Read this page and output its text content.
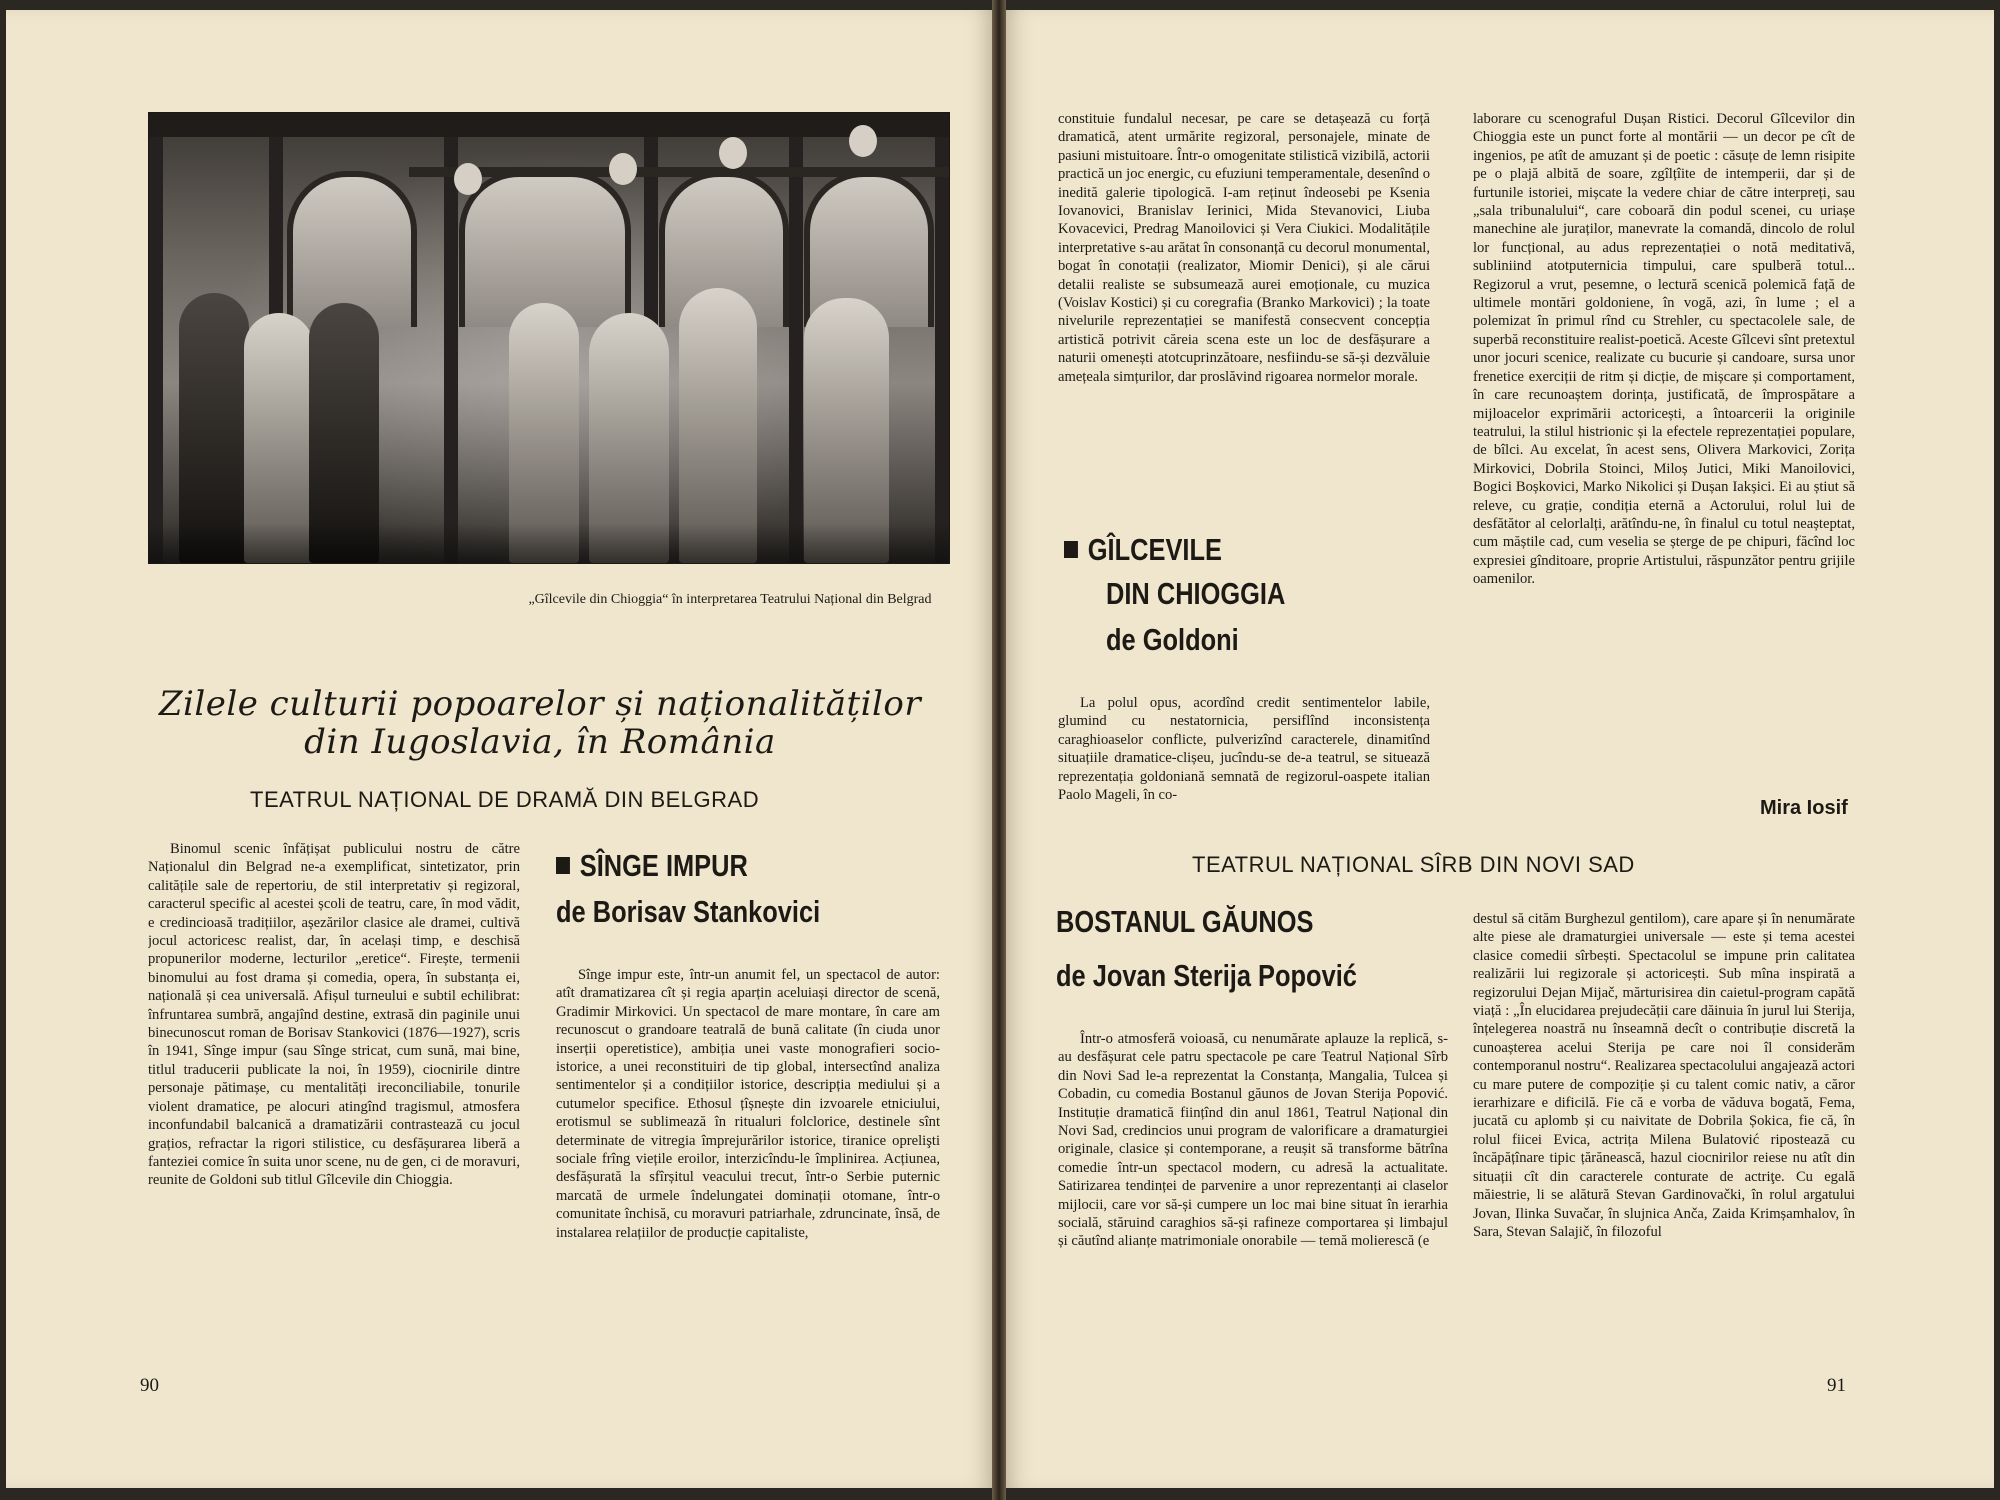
„Gîlcevile din Chioggia“ în interpretarea Teatrului Național din Belgrad
Zilele culturii popoarelor și naționalităților
din Iugoslavia, în România
TEATRUL NAȚIONAL DE DRAMĂ DIN BELGRAD

Binomul scenic înfățișat publicului nostru de către Naționalul din Belgrad ne-a exemplificat, sintetizator, prin calitățile sale de repertoriu, de stil interpretativ și regizoral, caracterul specific al acestei școli de teatru, care, în mod vădit, e credincioasă tradițiilor, așezărilor clasice ale dramei, cultivă jocul actoricesc realist, dar, în același timp, e deschisă propunerilor moderne, lecturilor „eretice“. Firește, termenii binomului au fost drama și comedia, opera, în substanța ei, națională și cea universală. Afișul turneului e subtil echilibrat: înfruntarea sumbră, angajînd destine, extrasă din paginile unui binecunoscut roman de Borisav Stankovici (1876—1927), scris în 1941, Sînge impur (sau Sînge stricat, cum sună, mai bine, titlul traducerii publicate la noi, în 1959), ciocnirile dintre personaje pătimașe, cu mentalități ireconciliabile, tonurile violent dramatice, pe alocuri atingînd tragismul, atmosfera inconfundabil balcanică a dramatizării contrastează cu jocul grațios, refractar la rigori stilistice, cu desfășurarea liberă a fanteziei comice în suita unor scene, nu de gen, ci de moravuri, reunite de Goldoni sub titlul Gîlcevile din Chioggia.

SÎNGE IMPUR
de Borisav Stankovici

Sînge impur este, într-un anumit fel, un spectacol de autor: atît dramatizarea cît și regia aparțin aceluiași director de scenă, Gradimir Mirkovici. Un spectacol de mare montare, în care am recunoscut o grandoare teatrală de bună calitate (în ciuda unor inserții operetistice), ambiția unei vaste monografieri socio-istorice, a unei reconstituiri de tip global, intersectînd analiza sentimentelor și a condițiilor istorice, descripția mediului și a cutumelor specifice. Ethosul țîșnește din izvoarele etniciului, erotismul se sublimează în ritualuri folclorice, destinele sînt determinate de vitregia împrejurărilor istorice, tiranice oprelişti sociale frîng viețile eroilor, interzicîndu-le împlinirea. Acțiunea, desfășurată la sfîrșitul veacului trecut, într-o Serbie puternic marcată de urmele îndelungatei dominații otomane, într-o comunitate închisă, cu moravuri patriarhale, zdruncinate, însă, de instalarea relațiilor de producție capitaliste,

90

constituie fundalul necesar, pe care se detașează cu forță dramatică, atent urmărite regizoral, personajele, minate de pasiuni mistuitoare. Într-o omogenitate stilistică vizibilă, actorii practică un joc energic, cu efuziuni temperamentale, desenînd o inedită galerie tipologică. I-am reținut îndeosebi pe Ksenia Iovanovici, Branislav Ierinici, Mida Stevanovici, Liuba Kovacevici, Predrag Manoilovici și Vera Ciukici. Modalitățile interpretative s-au arătat în consonanță cu decorul monumental, bogat în conotații (realizator, Miomir Denici), și ale cărui detalii realiste se subsumează aurei emoționale, cu muzica (Voislav Kostici) și cu coregrafia (Branko Markovici) ; la toate nivelurile reprezentației se manifestă consecvent concepția artistică potrivit căreia scena este un loc de desfășurare a naturii omenești atotcuprinzătoare, nesfiindu-se să-și dezvăluie amețeala simțurilor, dar proslăvind rigoarea normelor morale.

GÎLCEVILE
DIN CHIOGGIA
de Goldoni

La polul opus, acordînd credit sentimentelor labile, glumind cu nestatornicia, persiflînd inconsistența caraghioaselor conflicte, pulverizînd caracterele, dinamitînd situațiile dramatice-clișeu, jucîndu-se de-a teatrul, se situează reprezentația goldoniană semnată de regizorul-oaspete italian Paolo Mageli, în co-

laborare cu scenograful Dușan Ristici. Decorul Gîlcevilor din Chioggia este un punct forte al montării — un decor pe cît de ingenios, pe atît de amuzant și de poetic : căsuțe de lemn risipite pe o plajă albită de soare, zgîlțîite de intemperii, dar și de furtunile istoriei, mișcate la vedere chiar de către interpreți, sau „sala tribunalului“, care coboară din podul scenei, cu uriașe manechine ale juraților, manevrate la comandă, dincolo de rolul lor funcțional, au adus reprezentației o notă meditativă, subliniind atotputernicia timpului, care spulberă totul... Regizorul a vrut, pesemne, o lectură scenică polemică față de ultimele montări goldoniene, în vogă, azi, în lume ; el a polemizat în primul rînd cu Strehler, cu spectacolele sale, de superbă reconstituire realist-poetică. Aceste Gîlcevi sînt pretextul unor jocuri scenice, realizate cu bucurie și candoare, sursa unor frenetice exerciții de ritm și dicție, de mișcare și comportament, în care recunoaștem dorința, justificată, de împrospătare a mijloacelor exprimării actoricești, a întoarcerii la originile teatrului, la stilul histrionic și la efectele reprezentației populare, de bîlci. Au excelat, în acest sens, Olivera Markovici, Zorița Mirkovici, Dobrila Stoinci, Miloș Jutici, Miki Manoilovici, Bogici Boșkovici, Marko Nikolici și Dușan Iakșici. Ei au știut să releve, cu grație, condiția eternă a Actorului, rolul lui de desfătător al celorlalți, arătîndu-ne, în finalul cu totul neașteptat, cum măștile cad, cum veselia se șterge de pe chipuri, făcînd loc expresiei gînditoare, proprie Artistului, răspunzător pentru grijile oamenilor.

Mira Iosif
TEATRUL NAȚIONAL SÎRB DIN NOVI SAD
BOSTANUL GĂUNOS
de Jovan Sterija Popović

Într-o atmosferă voioasă, cu nenumărate aplauze la replică, s-au desfășurat cele patru spectacole pe care Teatrul Național Sîrb din Novi Sad le-a reprezentat la Constanța, Mangalia, Tulcea și Cobadin, cu comedia Bostanul găunos de Jovan Sterija Popović. Instituție dramatică ființînd din anul 1861, Teatrul Național din Novi Sad, credincios unui program de valorificare a dramaturgiei originale, clasice și contemporane, a reușit să transforme bătrîna comedie într-un spectacol modern, cu adresă la actualitate. Satirizarea tendinței de parvenire a unor reprezentanți ai claselor mijlocii, care vor să-și cumpere un loc mai bine situat în ierarhia socială, stăruind caraghios să-și rafineze comportarea și limbajul și căutînd alianțe matrimoniale onorabile — temă molierescă (e

destul să cităm Burghezul gentilom), care apare și în nenumărate alte piese ale dramaturgiei universale — este și tema acestei clasice comedii sîrbești. Spectacolul se impune prin calitatea realizării lui regizorale și actoricești. Sub mîna inspirată a regizorului Dejan Mijač, mărturisirea din caietul-program capătă viață : „În elucidarea prejudecății care dăinuia în jurul lui Sterija, înțelegerea noastră nu înseamnă decît o contribuție discretă la cunoașterea acelui Sterija pe care noi îl considerăm contemporanul nostru“. Realizarea spectacolului angajează actori cu mare putere de compoziție și cu talent comic nativ, a căror ierarhizare e dificilă. Fie că e vorba de văduva bogată, Fema, jucată cu aplomb și cu naivitate de Dobrila Șokica, fie că, în rolul fiicei Evica, actrița Milena Bulatović ripostează cu încăpățînare tipic țărănească, hazul ciocnirilor reiese nu atît din situații cît din caracterele conturate de actriţe. Cu egală măiestrie, li se alătură Stevan Gardinovački, în rolul argatului Jovan, Ilinka Suvačar, în slujnica Anča, Zaida Krimșamhalov, în Sara, Stevan Salajič, în filozoful

91
